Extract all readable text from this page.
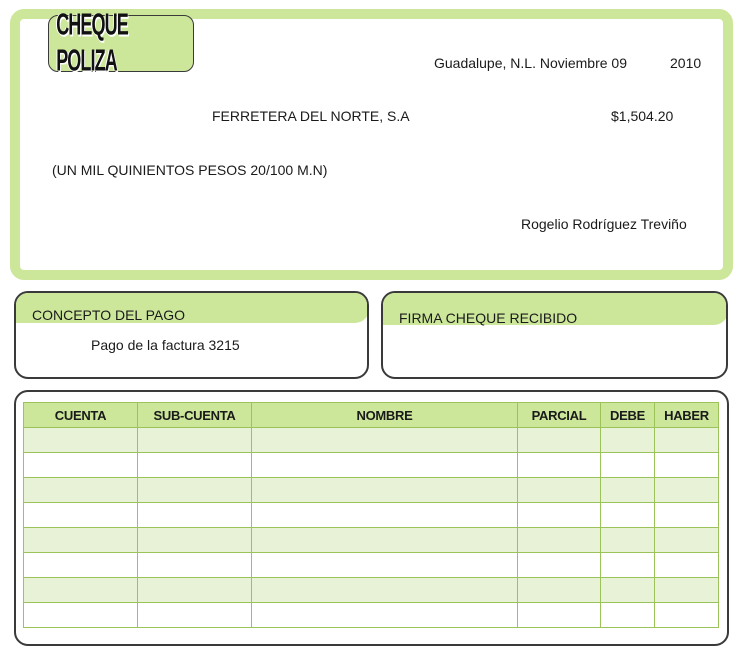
CHEQUE POLIZA	Guadalupe, N.L. Noviembre 09	2010
FERRETERA DEL NORTE, S.A	$1,504.20
(UN MIL QUINIENTOS PESOS 20/100 M.N)
Rogelio Rodríguez Treviño
CONCEPTO DEL PAGO
Pago de la factura 3215
FIRMA CHEQUE RECIBIDO
CUENTA	SUB-CUENTA	NOMBRE	PARCIAL	DEBE	HABER
